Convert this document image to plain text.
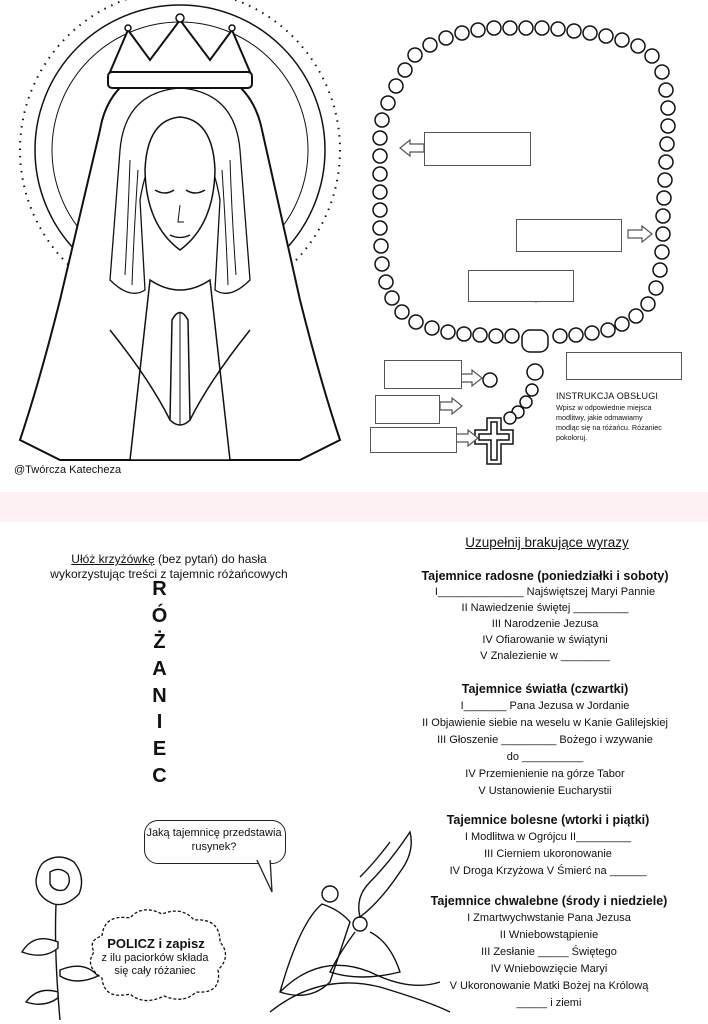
@Twórcza Katecheza
INSTRUKCJA OBSŁUGI
Wpisz w odpowiednie miejsca modlitwy, jakie odmawiamy modląc się na różańcu. Różaniec pokoloruj.
Ułóż krzyżówkę (bez pytań) do hasła
wykorzystując treści z tajemnic różańcowych
R
Ó
Ż
A
N
I
E
C
Jaką tajemnicę przedstawia rusynek?
POLICZ i zapisz
z ilu paciorków składa się cały różaniec
Uzupełnij brakujące wyrazy
Tajemnice radosne (poniedziałki i soboty)
I______________ Najświętszej Maryi Pannie
II Nawiedzenie świętej _________
III Narodzenie Jezusa
IV Ofiarowanie w świątyni
V Znalezienie w ________
Tajemnice światła (czwartki)
I_______ Pana Jezusa w Jordanie
II Objawienie siebie na weselu w Kanie Galilejskiej
III Głoszenie _________ Bożego i wzywanie
do __________
IV Przemienienie na górze Tabor
V Ustanowienie Eucharystii
Tajemnice bolesne (wtorki i piątki)
I Modlitwa w Ogrójcu II_________
III Cierniem ukoronowanie
IV Droga Krzyżowa V Śmierć na ______
Tajemnice chwalebne (środy i niedziele)
I Zmartwychwstanie Pana Jezusa
II Wniebowstąpienie
III Zesłanie _____ Świętego
IV Wniebowzięcie Maryi
V Ukoronowanie Matki Bożej na Królową
_____ i ziemi
